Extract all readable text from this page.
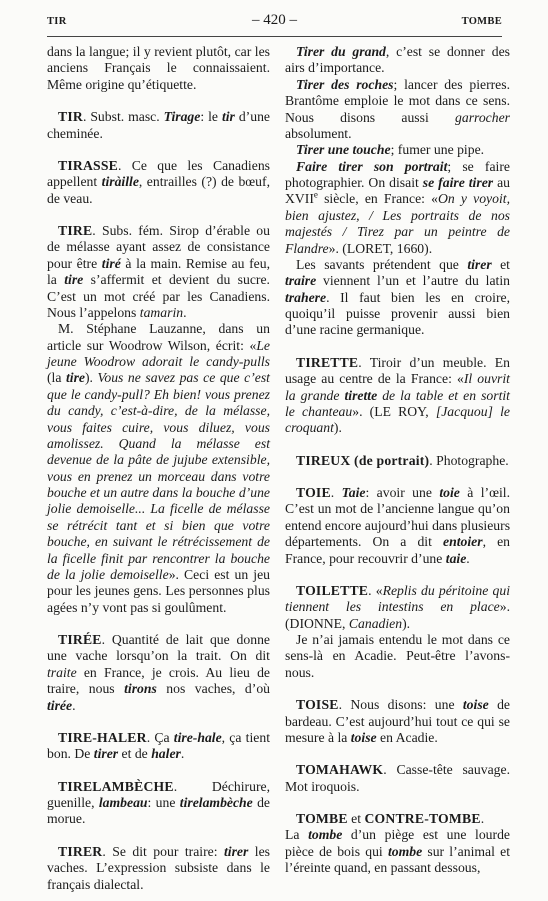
TIR	– 420 –	TOMBE

dans la langue; il y revient plutôt, car les anciens Français le connaissaient. Même origine qu’étiquette.

TIR. Subst. masc. Tirage: le tir d’une cheminée.

TIRASSE. Ce que les Canadiens appellent tiràille, entrailles (?) de bœuf, de veau.

TIRE. Subs. fém. Sirop d’érable ou de mélasse ayant assez de consistance pour être tiré à la main. Remise au feu, la tire s’affermit et devient du sucre. C’est un mot créé par les Canadiens. Nous l’appelons tamarin.

M. Stéphane Lauzanne, dans un article sur Woodrow Wilson, écrit: «Le jeune Woodrow adorait le candy-pulls (la tire). Vous ne savez pas ce que c’est que le candy-pull? Eh bien! vous prenez du candy, c’est-à-dire, de la mélasse, vous faites cuire, vous diluez, vous amolissez. Quand la mélasse est devenue de la pâte de jujube extensible, vous en prenez un morceau dans votre bouche et un autre dans la bouche d’une jolie demoiselle... La ficelle de mélasse se rétrécit tant et si bien que votre bouche, en suivant le rétrécissement de la ficelle finit par rencontrer la bouche de la jolie demoiselle». Ceci est un jeu pour les jeunes gens. Les personnes plus agées n’y vont pas si goulûment.

TIRÉE. Quantité de lait que donne une vache lorsqu’on la trait. On dit traite en France, je crois. Au lieu de traire, nous tirons nos vaches, d’où tirée.

TIRE-HALER. Ça tire-hale, ça tient bon. De tirer et de haler.

TIRELAMBÈCHE. Déchirure, guenille, lambeau: une tirelambèche de morue.

TIRER. Se dit pour traire: tirer les vaches. L’expression subsiste dans le français dialectal.

Tirer du grand, c’est se donner des airs d’importance.

Tirer des roches; lancer des pierres. Brantôme emploie le mot dans ce sens. Nous disons aussi garrocher absolument.

Tirer une touche; fumer une pipe.

Faire tirer son portrait; se faire photographier. On disait se faire tirer au XVIIe siècle, en France: «On y voyoit, bien ajustez, / Les portraits de nos majestés / Tirez par un peintre de Flandre». (LORET, 1660).

Les savants prétendent que tirer et traire viennent l’un et l’autre du latin trahere. Il faut bien les en croire, quoiqu’il puisse provenir aussi bien d’une racine germanique.

TIRETTE. Tiroir d’un meuble. En usage au centre de la France: «Il ouvrit la grande tirette de la table et en sortit le chanteau». (LE ROY, [Jacquou] le croquant).

TIREUX (de portrait). Photographe.

TOIE. Taie: avoir une toie à l’œil. C’est un mot de l’ancienne langue qu’on entend encore aujourd’hui dans plusieurs départements. On a dit entoier, en France, pour recouvrir d’une taie.

TOILETTE. «Replis du péritoine qui tiennent les intestins en place». (DIONNE, Canadien).

Je n’ai jamais entendu le mot dans ce sens-là en Acadie. Peut-être l’avons-nous.

TOISE. Nous disons: une toise de bardeau. C’est aujourd’hui tout ce qui se mesure à la toise en Acadie.

TOMAHAWK. Casse-tête sauvage. Mot iroquois.

TOMBE et CONTRE-TOMBE.

La tombe d’un piège est une lourde pièce de bois qui tombe sur l’animal et l’éreinte quand, en passant dessous,
